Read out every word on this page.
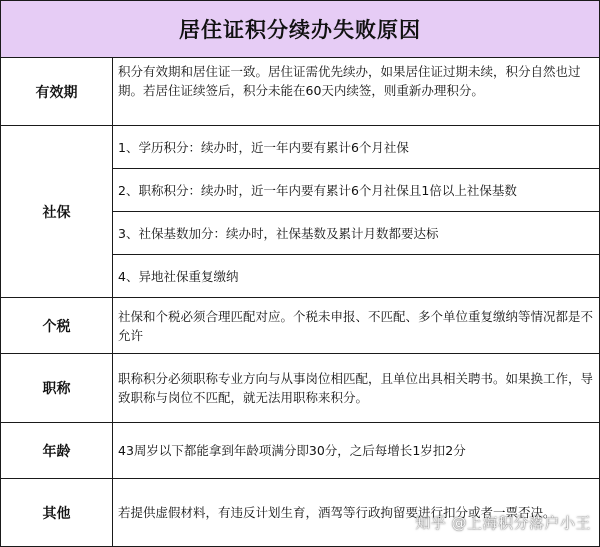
居住证积分续办失败原因	
有效期	积分有效期和居住证一致。居住证需优先续办，如果居住证过期未续，积分自然也过期。若居住证续签后，积分未能在60天内续签，则重新办理积分。
社保	1、学历积分：续办时，近一年内要有累计6个月社保
	2、职称积分：续办时，近一年内要有累计6个月社保且1倍以上社保基数
	3、社保基数加分：续办时，社保基数及累计月数都要达标
	4、异地社保重复缴纳
个税	社保和个税必须合理匹配对应。个税未申报、不匹配、多个单位重复缴纳等情况都是不允许
职称	职称积分必须职称专业方向与从事岗位相匹配，且单位出具相关聘书。如果换工作，导致职称与岗位不匹配，就无法用职称来积分。
年龄	43周岁以下都能拿到年龄项满分即30分，之后每增长1岁扣2分
其他	若提供虚假材料，有违反计划生育，酒驾等行政拘留要进行扣分或者一票否决。
知乎 @上海积分落户小王
